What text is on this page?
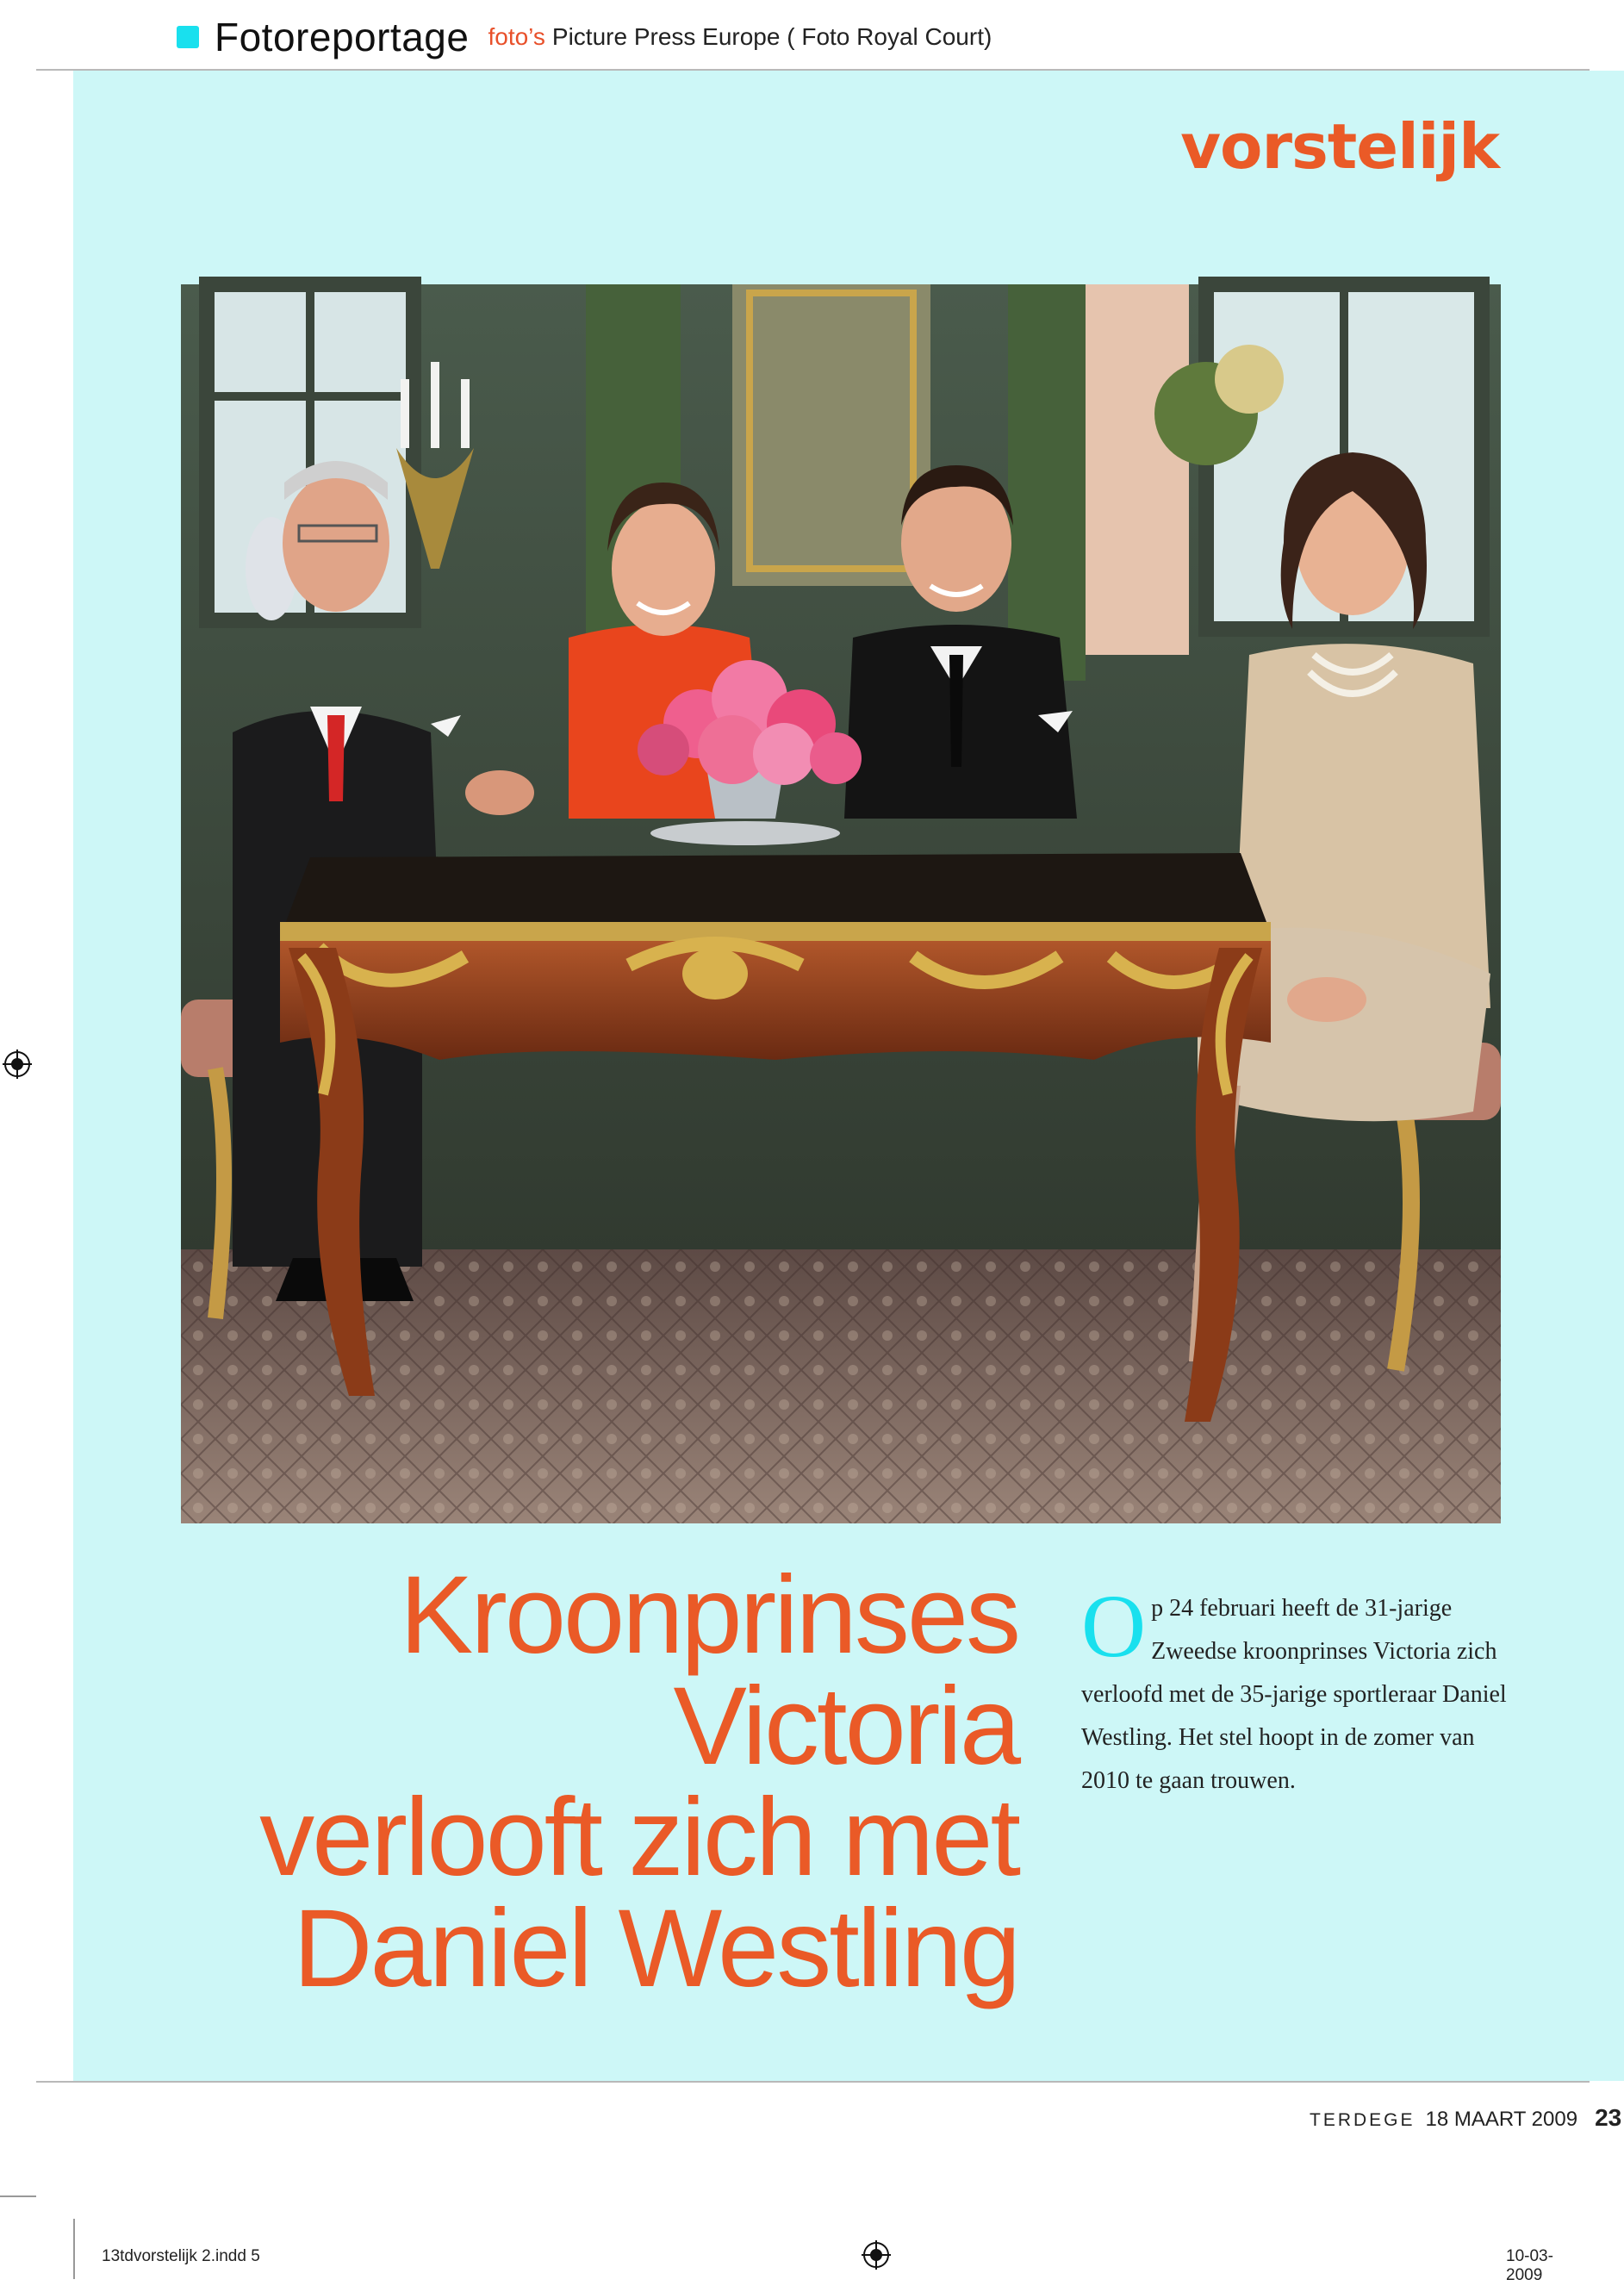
Fotoreportage foto’s Picture Press Europe ( Foto Royal Court)
vorstelijk
Kroonprinses
Victoria
verlooft zich met
Daniel Westling
Op 24 februari heeft de 31-jarige Zweedse kroonprinses Victoria zich verloofd met de 35-jarige sportleraar Daniel Westling. Het stel hoopt in de zomer van 2010 te gaan trouwen.
TERDEGE 18 MAART 2009 23
13tdvorstelijk 2.indd 5	10-03-2009
